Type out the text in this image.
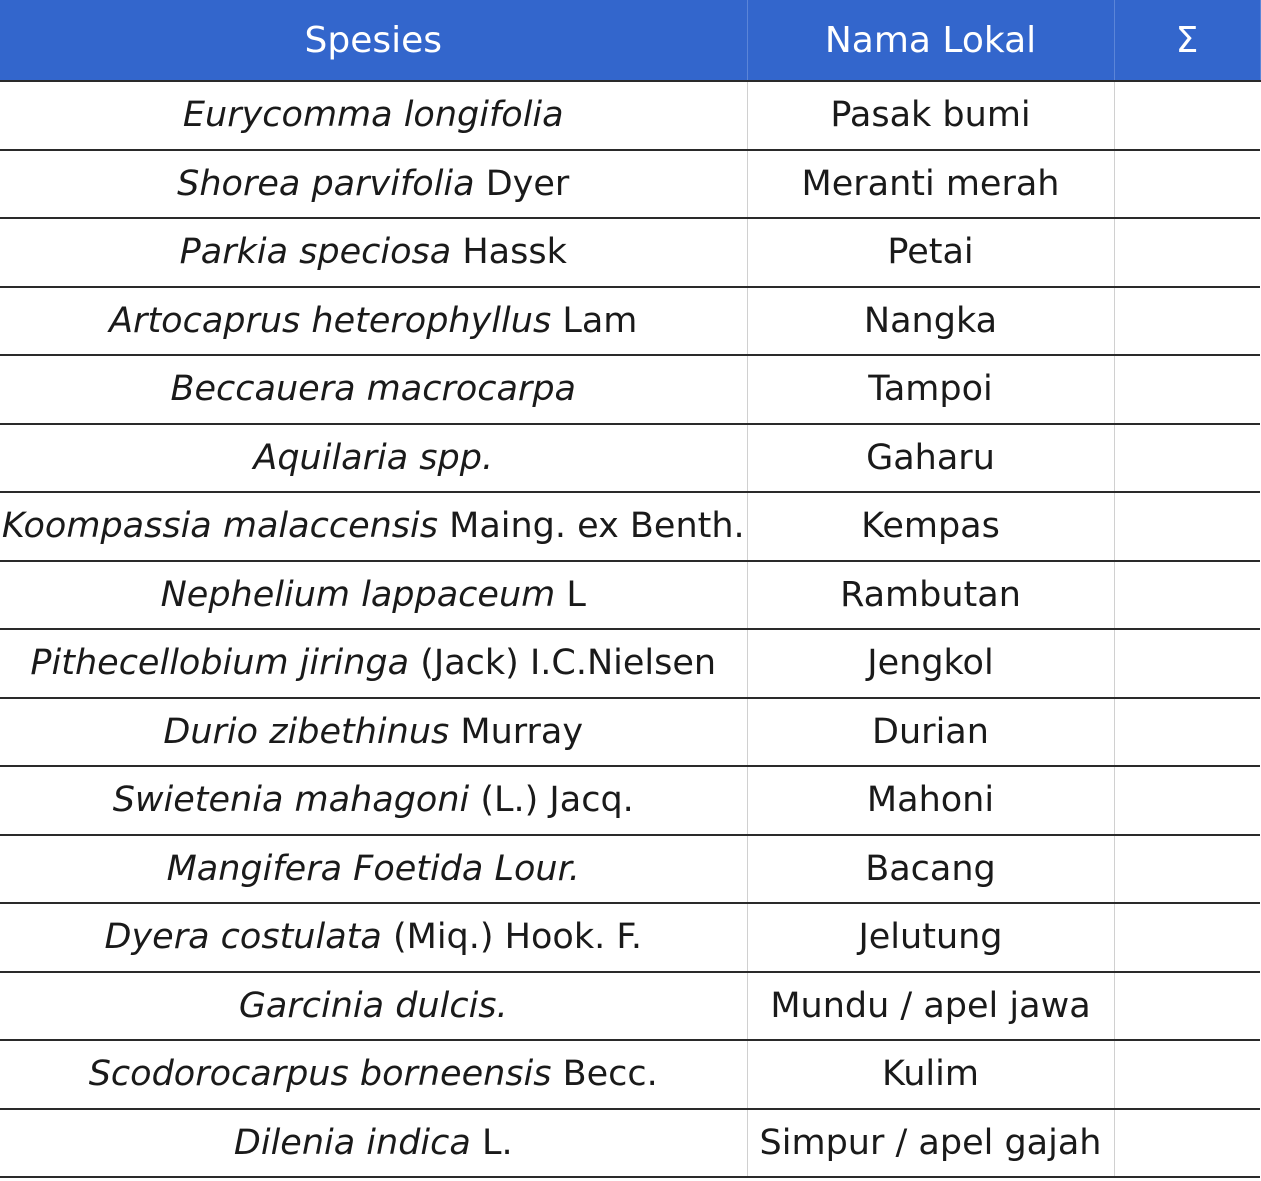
Spesies	Nama Lokal	Σ
Eurycomma longifolia	Pasak bumi	
Shorea parvifolia Dyer	Meranti merah	
Parkia speciosa Hassk	Petai	
Artocaprus heterophyllus Lam	Nangka	
Beccauera macrocarpa	Tampoi	
Aquilaria spp.	Gaharu	
Koompassia malaccensis Maing. ex Benth.	Kempas	
Nephelium lappaceum L	Rambutan	
Pithecellobium jiringa (Jack) I.C.Nielsen	Jengkol	
Durio zibethinus Murray	Durian	
Swietenia mahagoni (L.) Jacq.	Mahoni	
Mangifera Foetida Lour.	Bacang	
Dyera costulata (Miq.) Hook. F.	Jelutung	
Garcinia dulcis.	Mundu / apel jawa	
Scodorocarpus borneensis Becc.	Kulim	
Dilenia indica L.	Simpur / apel gajah	
